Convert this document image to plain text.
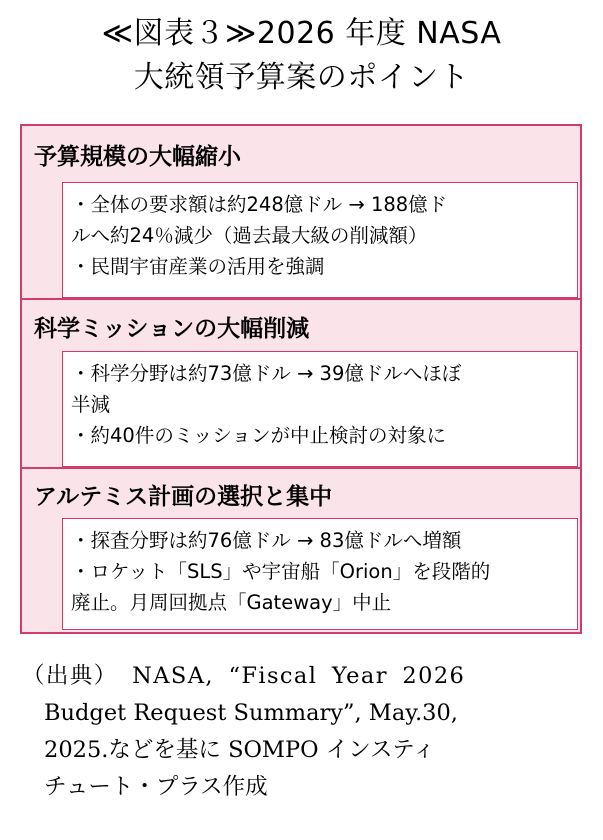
≪図表３≫2026 年度 NASA
大統領予算案のポイント
予算規模の大幅縮小
・全体の要求額は約248億ドル → 188億ド
ルへ約24％減少（過去最大級の削減額）
・民間宇宙産業の活用を強調
科学ミッションの大幅削減
・科学分野は約73億ドル → 39億ドルへほぼ
半減
・約40件のミッションが中止検討の対象に
アルテミス計画の選択と集中
・探査分野は約76億ドル → 83億ドルへ増額
・ロケット「SLS」や宇宙船「Orion」を段階的
廃止。月周回拠点「Gateway」中止
（出典） NASA, “Fiscal Year 2026
Budget Request Summary”, May.30,
2025.などを基に SOMPO インスティ
チュート・プラス作成
